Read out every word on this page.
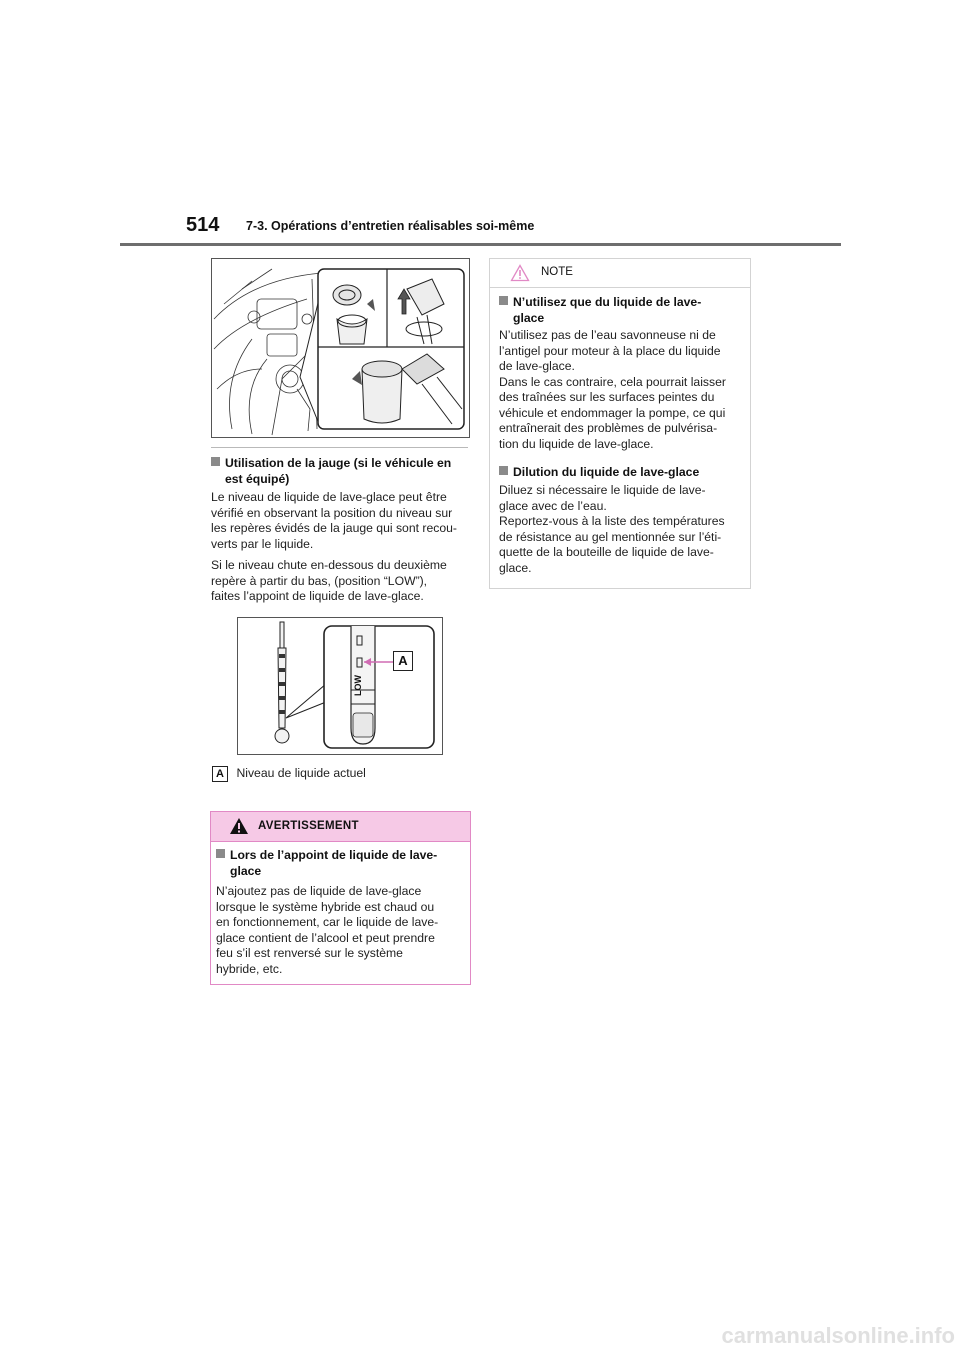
514 7-3. Opérations d’entretien réalisables soi-même
Utilisation de la jauge (si le véhicule en
est équipé)
Le niveau de liquide de lave-glace peut être
vérifié en observant la position du niveau sur
les repères évidés de la jauge qui sont recou-
verts par le liquide.
Si le niveau chute en-dessous du deuxième
repère à partir du bas, (position “LOW”),
faites l’appoint de liquide de lave-glace.
LOW
A
A Niveau de liquide actuel
AVERTISSEMENT
Lors de l’appoint de liquide de lave-
glace
N’ajoutez pas de liquide de lave-glace
lorsque le système hybride est chaud ou
en fonctionnement, car le liquide de lave-
glace contient de l’alcool et peut prendre
feu s’il est renversé sur le système
hybride, etc.
NOTE
N’utilisez que du liquide de lave-
glace
N’utilisez pas de l’eau savonneuse ni de
l’antigel pour moteur à la place du liquide
de lave-glace.
Dans le cas contraire, cela pourrait laisser
des traînées sur les surfaces peintes du
véhicule et endommager la pompe, ce qui
entraînerait des problèmes de pulvérisa-
tion du liquide de lave-glace.
Dilution du liquide de lave-glace
Diluez si nécessaire le liquide de lave-
glace avec de l’eau.
Reportez-vous à la liste des températures
de résistance au gel mentionnée sur l’éti-
quette de la bouteille de liquide de lave-
glace.
carmanualsonline.info
